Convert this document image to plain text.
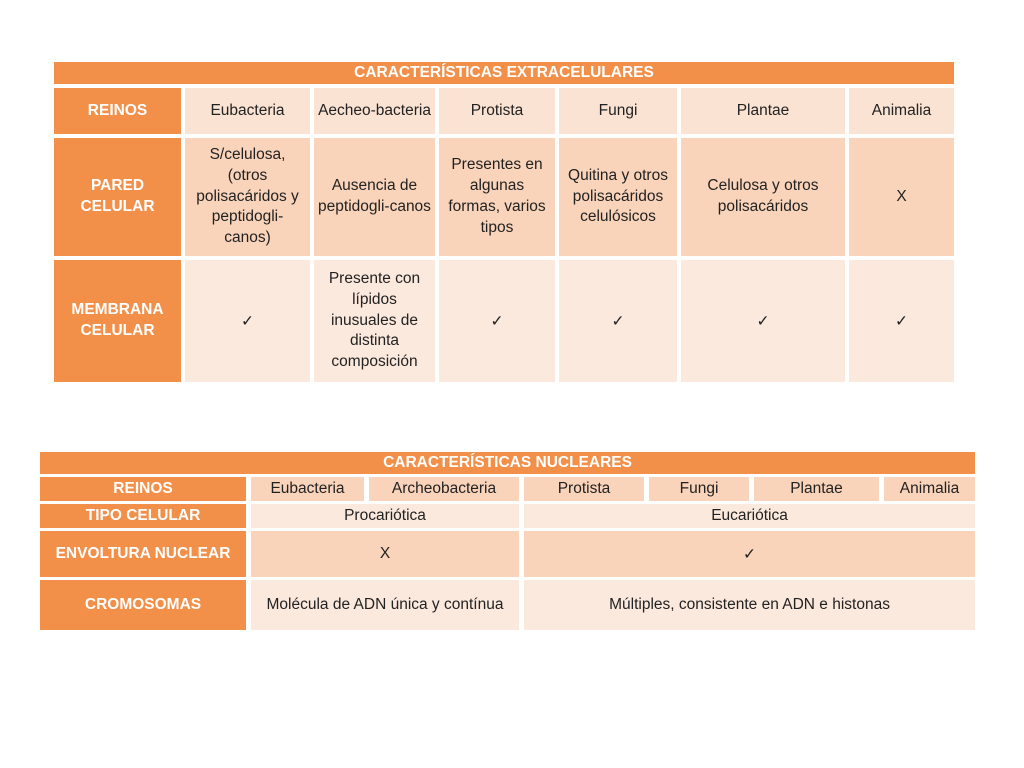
CARACTERÍSTICAS EXTRACELULARES						
REINOS	Eubacteria	Aecheo-bacteria	Protista	Fungi	Plantae	Animalia
PARED CELULAR	S/celulosa, (otros polisacáridos y peptidogli-canos)	Ausencia de peptidogli-canos	Presentes en algunas formas, varios tipos	Quitina y otros polisacáridos celulósicos	Celulosa y otros polisacáridos	X
MEMBRANA CELULAR	✓	Presente con lípidos inusuales de distinta composición	✓	✓	✓	✓
CARACTERÍSTICAS NUCLEARES						
REINOS	Eubacteria	Archeobacteria	Protista	Fungi	Plantae	Animalia
TIPO CELULAR	Procariótica		Eucariótica			
ENVOLTURA NUCLEAR	X		✓			
CROMOSOMAS	Molécula de ADN única y contínua		Múltiples, consistente en ADN e histonas			
